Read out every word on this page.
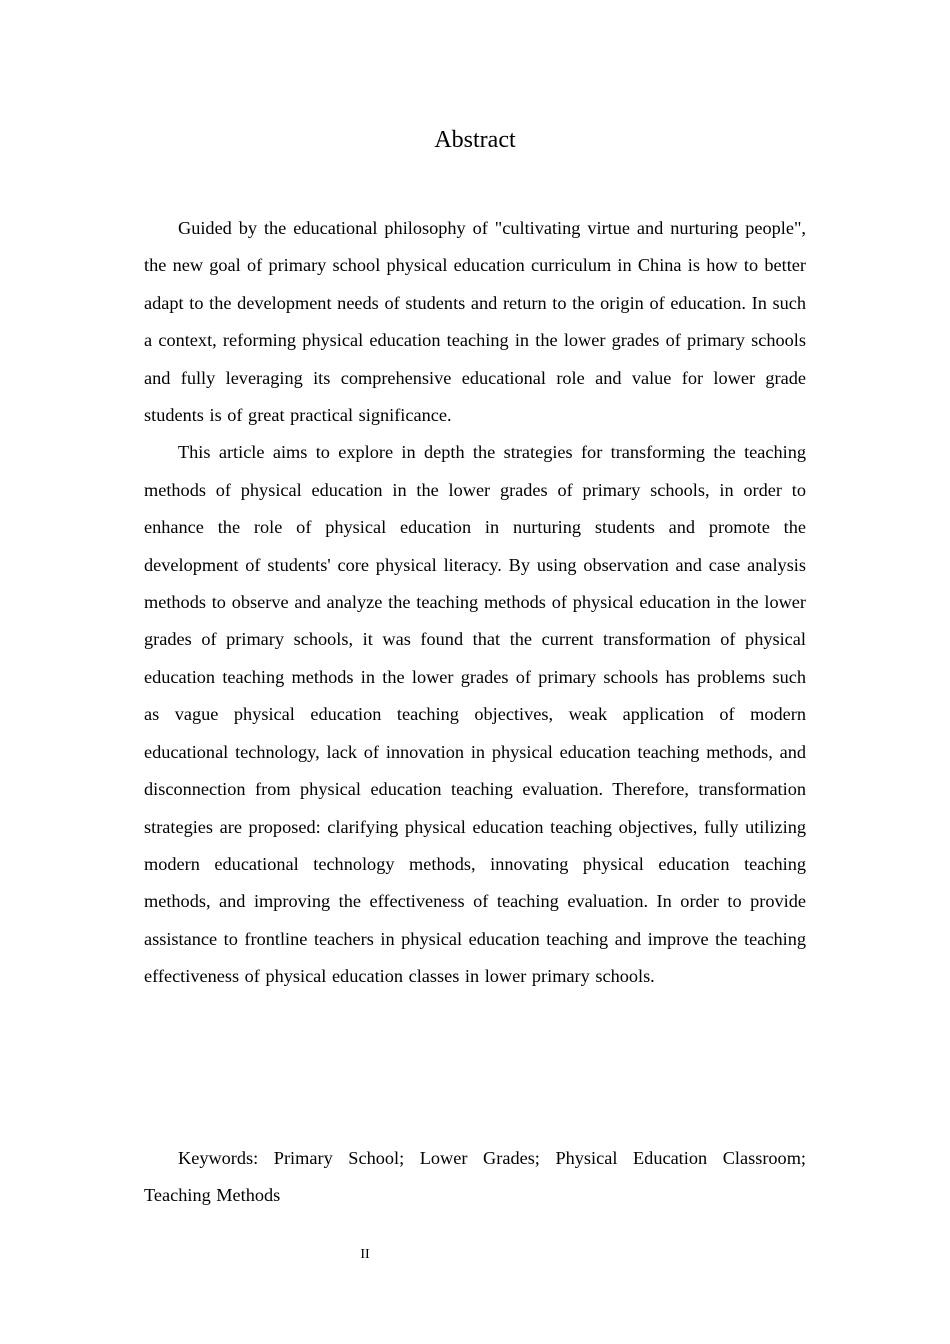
Abstract

Guided by the educational philosophy of "cultivating virtue and nurturing people", the new goal of primary school physical education curriculum in China is how to better adapt to the development needs of students and return to the origin of education. In such a context, reforming physical education teaching in the lower grades of primary schools and fully leveraging its comprehensive educational role and value for lower grade students is of great practical significance.

This article aims to explore in depth the strategies for transforming the teaching methods of physical education in the lower grades of primary schools, in order to enhance the role of physical education in nurturing students and promote the development of students' core physical literacy. By using observation and case analysis methods to observe and analyze the teaching methods of physical education in the lower grades of primary schools, it was found that the current transformation of physical education teaching methods in the lower grades of primary schools has problems such as vague physical education teaching objectives, weak application of modern educational technology, lack of innovation in physical education teaching methods, and disconnection from physical education teaching evaluation. Therefore, transformation strategies are proposed: clarifying physical education teaching objectives, fully utilizing modern educational technology methods, innovating physical education teaching methods, and improving the effectiveness of teaching evaluation. In order to provide assistance to frontline teachers in physical education teaching and improve the teaching effectiveness of physical education classes in lower primary schools.

Keywords: Primary School; Lower Grades; Physical Education Classroom; Teaching Methods

II
